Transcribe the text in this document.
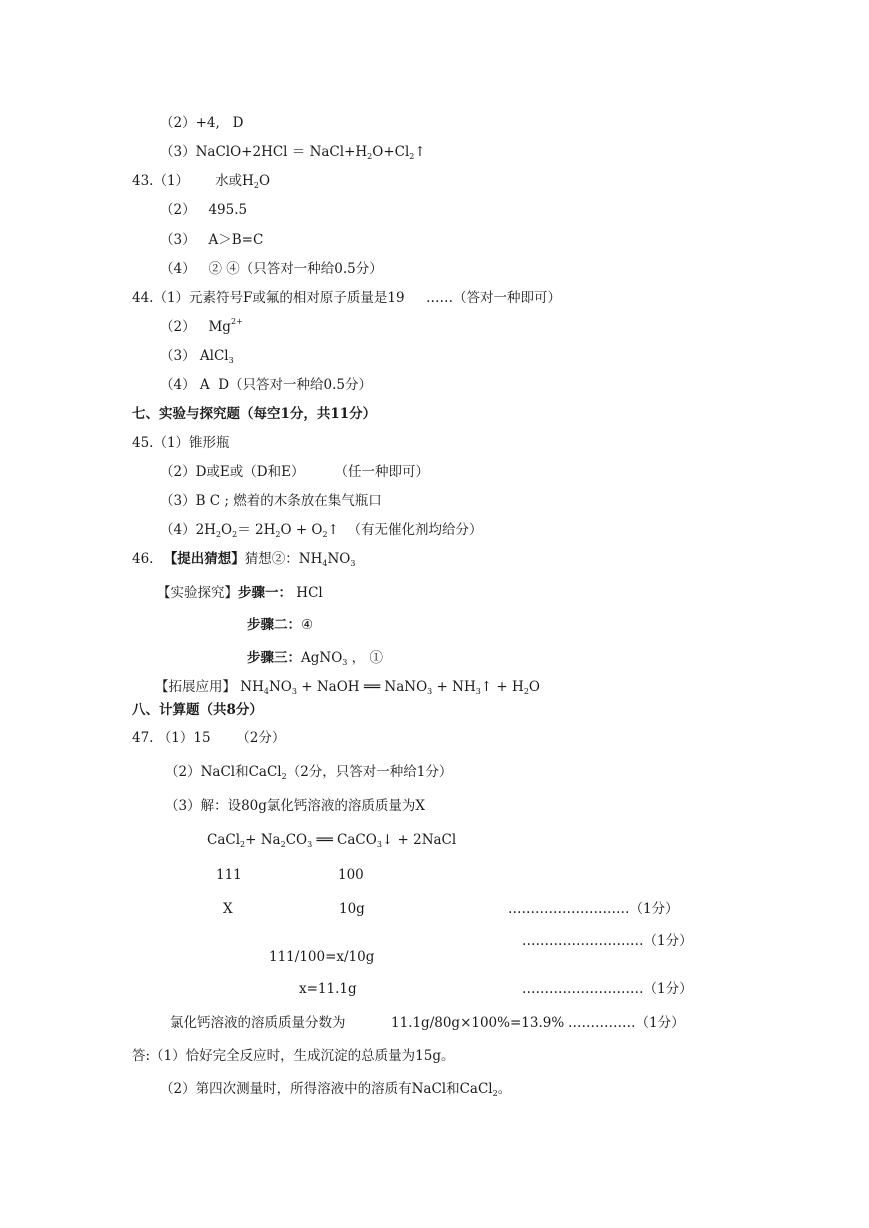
（2）+4,   D
（3）NaClO+2HCl ＝ $NaCl+H_2O+Cl_2↑$
43.（1） 水或$H_2O$
（2）   495.5
（3）   A＞B=C
（4）   ② ④（只答对一种给0.5分）
44.（1）元素符号F或氟的相对原子质量是19     ……（答对一种即可）
（2）   $Mg^{2+}$
（3） AlCl$_3$
（4） A  D（只答对一种给0.5分）
七、实验与探究题（每空1分，共11分）
45.（1）锥形瓶
（2）D或E或（D和E）       （任一种即可）
（3）B C ; 燃着的木条放在集气瓶口
$(4)2H_2O_2= 2H_2O$ + $O_2↑$  （有无催化剂均给分）
46. 【提出猜想】猜想②：$NH_4NO_3$
【实验探究】步骤一： HCl
步骤二：④
步骤三：AgNO$_3$ ， ①
【拓展应用】 $NH_4NO_3$ + NaOH ══ NaNO$_3$ + $NH_3↑ + H_2O$
八、计算题（共8分）
47. （1）15      （2分）
（2）NaCl和CaCl$_2$（2分，只答对一种给1分）
（3）解：设80g氯化钙溶液的溶质质量为X
CaCl$_2$+ $Na_2CO_3$ ══ CaCO$_3$↓ + 2NaCl
111	100
X	10g	………………………（1分）
………………………（1分）
111/100=x/10g
x=11.1g	………………………（1分）
氯化钙溶液的溶质质量分数为	11.1g/80g×100%=13.9% ……………（1分）
答:（1）恰好完全反应时，生成沉淀的总质量为15g。
（2）第四次测量时，所得溶液中的溶质有NaCl和CaCl$_2$。
